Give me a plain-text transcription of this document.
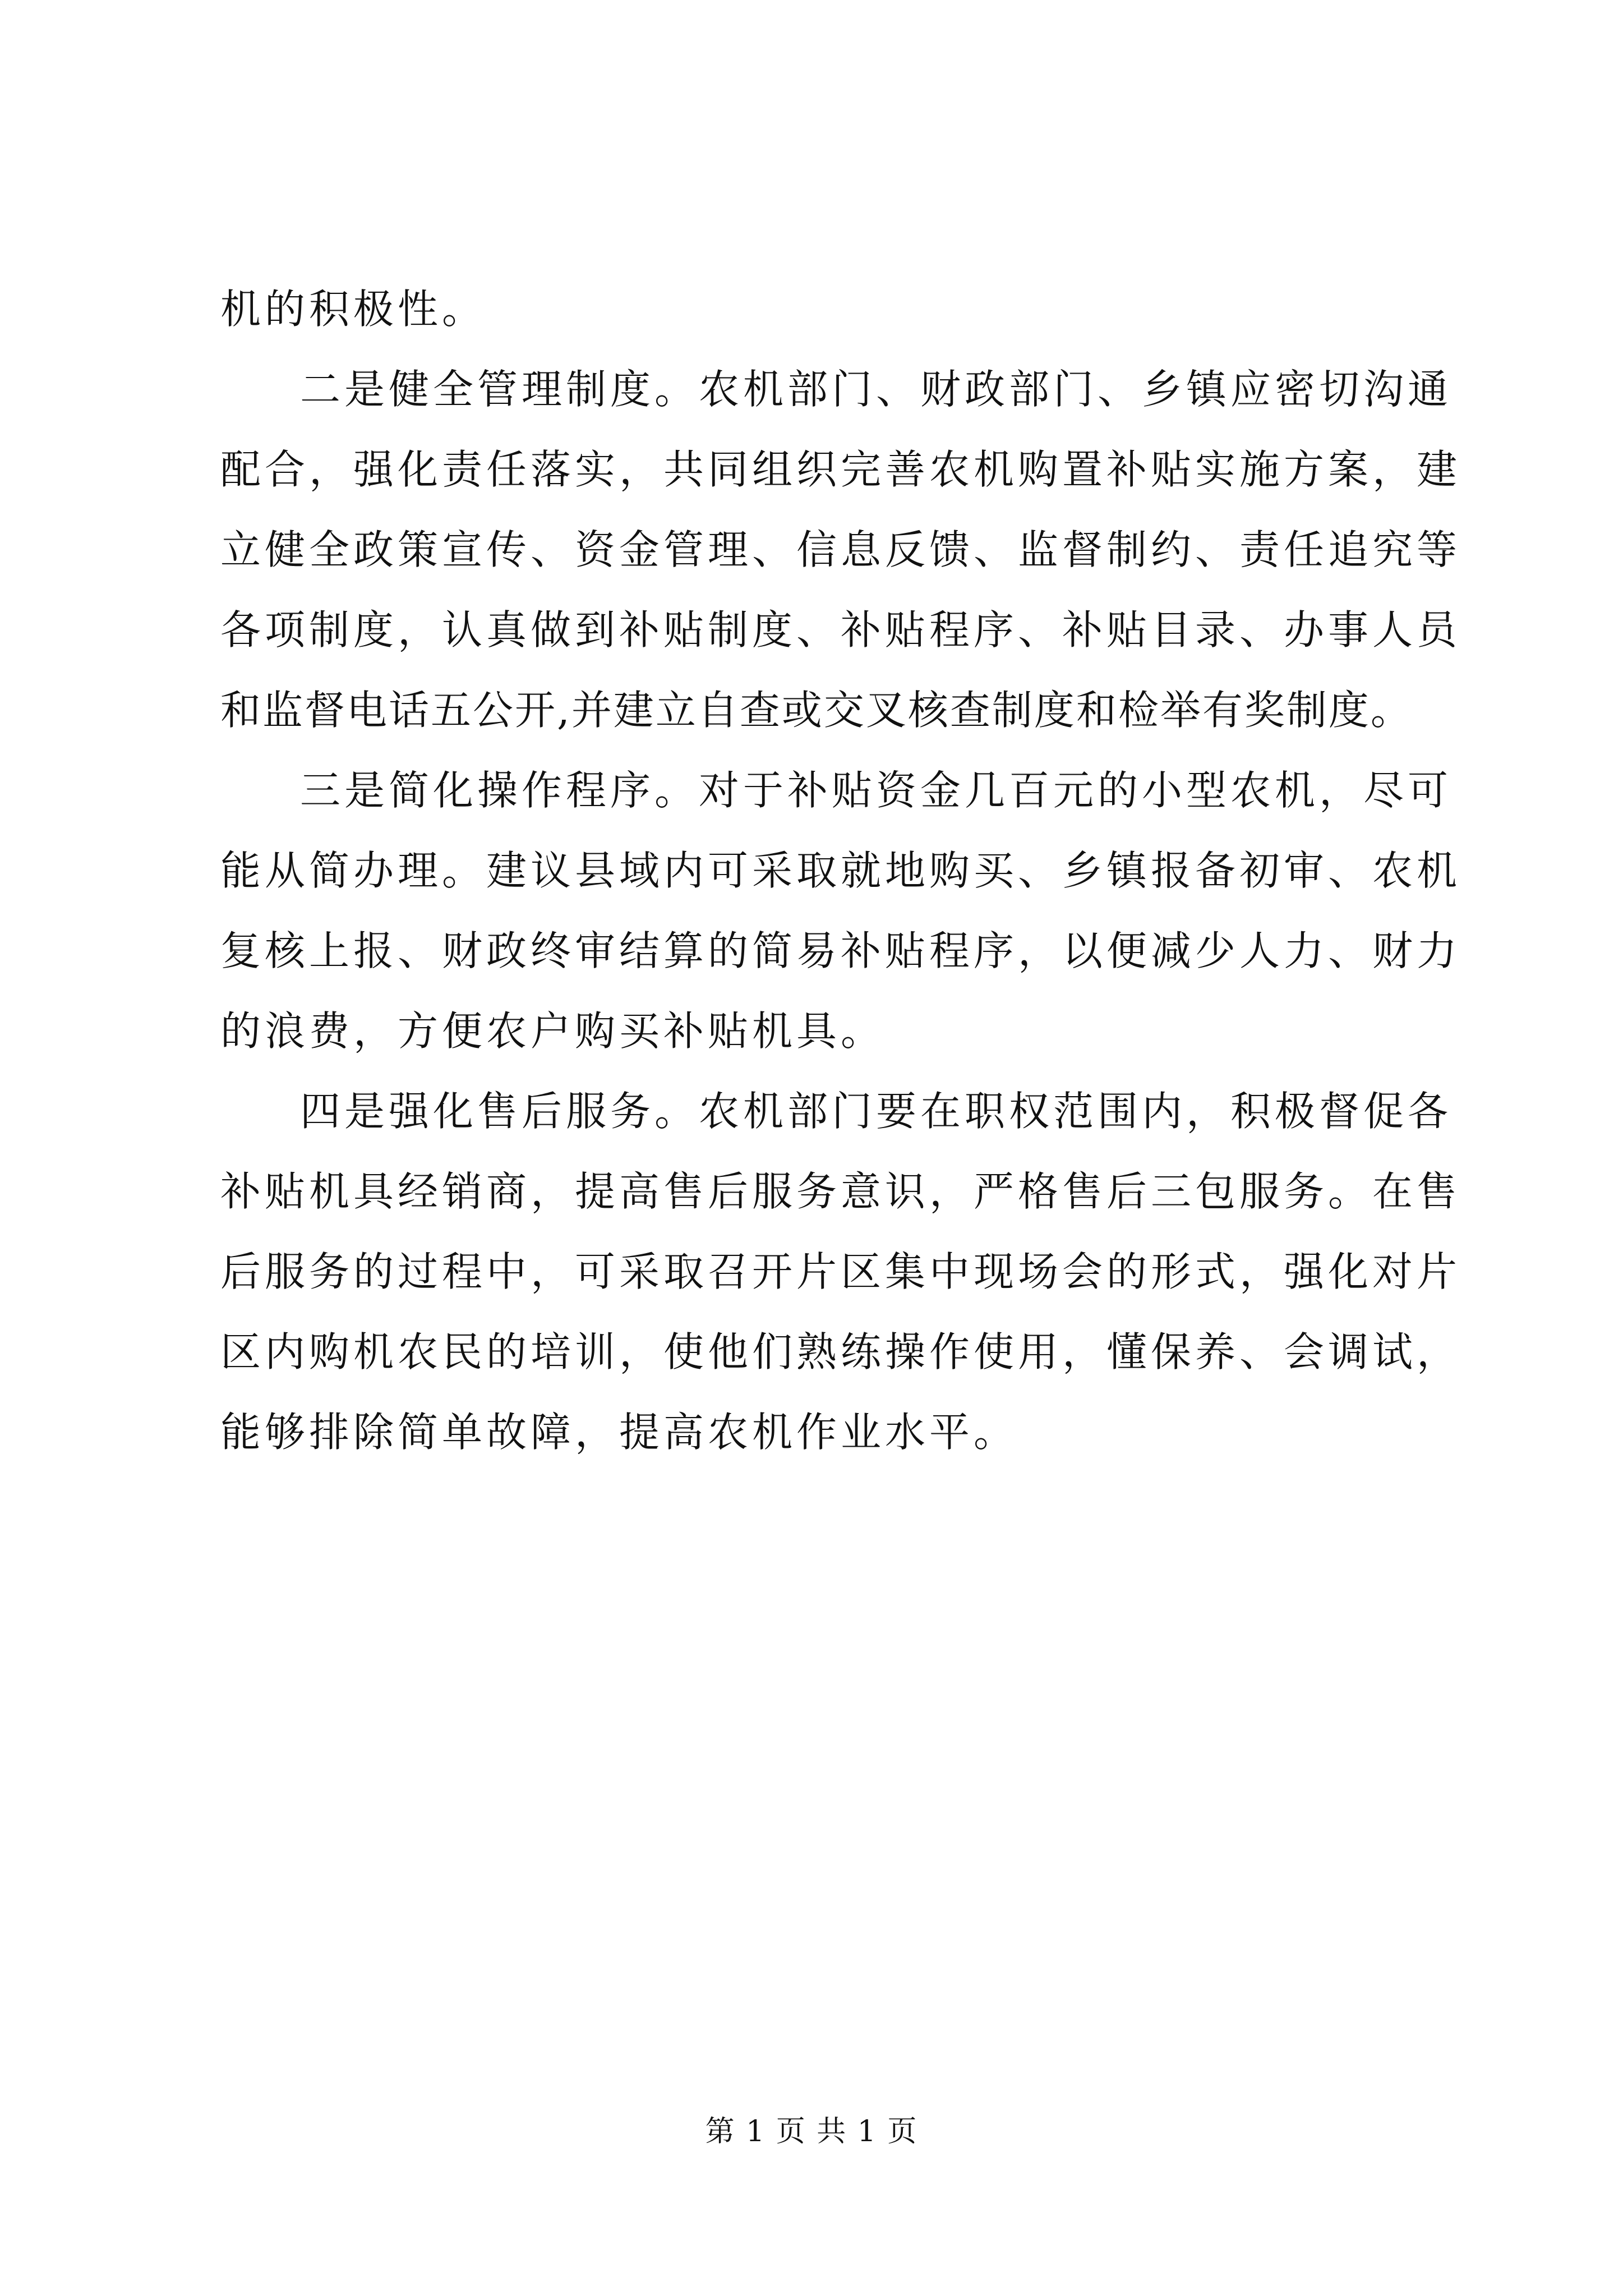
机的积极性。
二是健全管理制度。农机部门、财政部门、乡镇应密切沟通
配合，强化责任落实，共同组织完善农机购置补贴实施方案，建
立健全政策宣传、资金管理、信息反馈、监督制约、责任追究等
各项制度，认真做到补贴制度、补贴程序、补贴目录、办事人员
和监督电话五公开,并建立自查或交叉核查制度和检举有奖制度。
三是简化操作程序。对于补贴资金几百元的小型农机，尽可
能从简办理。建议县域内可采取就地购买、乡镇报备初审、农机
复核上报、财政终审结算的简易补贴程序，以便减少人力、财力
的浪费，方便农户购买补贴机具。
四是强化售后服务。农机部门要在职权范围内，积极督促各
补贴机具经销商，提高售后服务意识，严格售后三包服务。在售
后服务的过程中，可采取召开片区集中现场会的形式，强化对片
区内购机农民的培训，使他们熟练操作使用，懂保养、会调试，
能够排除简单故障，提高农机作业水平。
第 1 页 共 1 页
